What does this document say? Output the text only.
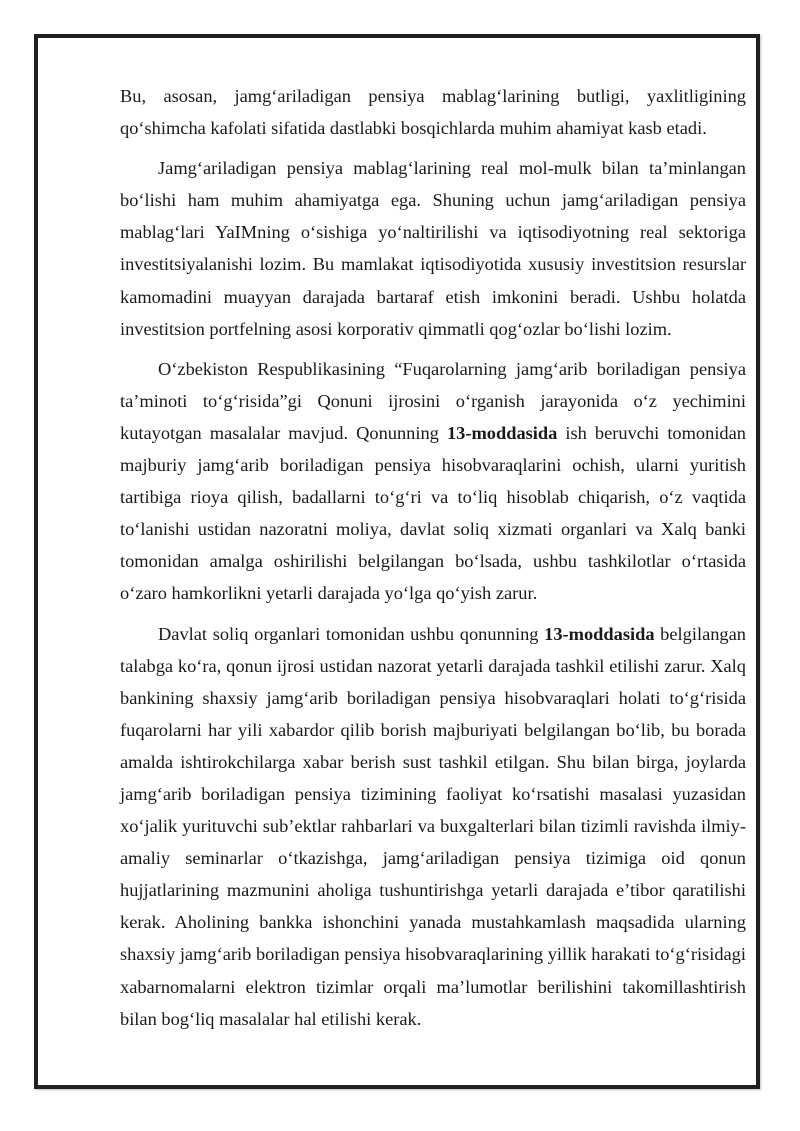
Bu, asosan, jamg‘ariladigan pensiya mablag‘larining butligi, yaxlitligining qo‘shimcha kafolati sifatida dastlabki bosqichlarda muhim ahamiyat kasb etadi.

Jamg‘ariladigan pensiya mablag‘larining real mol-mulk bilan ta’minlangan bo‘lishi ham muhim ahamiyatga ega. Shuning uchun jamg‘ariladigan pensiya mablag‘lari YaIMning o‘sishiga yo‘naltirilishi va iqtisodiyotning real sektoriga investitsiyalanishi lozim. Bu mamlakat iqtisodiyotida xususiy investitsion resurslar kamomadini muayyan darajada bartaraf etish imkonini beradi. Ushbu holatda investitsion portfelning asosi korporativ qimmatli qog‘ozlar bo‘lishi lozim.

O‘zbekiston Respublikasining “Fuqarolarning jamg‘arib boriladigan pensiya ta’minoti to‘g‘risida”gi Qonuni ijrosini o‘rganish jarayonida o‘z yechimini kutayotgan masalalar mavjud. Qonunning 13-moddasida ish beruvchi tomonidan majburiy jamg‘arib boriladigan pensiya hisobvaraqlarini ochish, ularni yuritish tartibiga rioya qilish, badallarni to‘g‘ri va to‘liq hisoblab chiqarish, o‘z vaqtida to‘lanishi ustidan nazoratni moliya, davlat soliq xizmati organlari va Xalq banki tomonidan amalga oshirilishi belgilangan bo‘lsada, ushbu tashkilotlar o‘rtasida o‘zaro hamkorlikni yetarli darajada yo‘lga qo‘yish zarur.

Davlat soliq organlari tomonidan ushbu qonunning 13-moddasida belgilangan talabga ko‘ra, qonun ijrosi ustidan nazorat yetarli darajada tashkil etilishi zarur. Xalq bankining shaxsiy jamg‘arib boriladigan pensiya hisobvaraqlari holati to‘g‘risida fuqarolarni har yili xabardor qilib borish majburiyati belgilangan bo‘lib, bu borada amalda ishtirokchilarga xabar berish sust tashkil etilgan. Shu bilan birga, joylarda jamg‘arib boriladigan pensiya tizimining faoliyat ko‘rsatishi masalasi yuzasidan xo‘jalik yurituvchi sub’ektlar rahbarlari va buxgalterlari bilan tizimli ravishda ilmiy-amaliy seminarlar o‘tkazishga, jamg‘ariladigan pensiya tizimiga oid qonun hujjatlarining mazmunini aholiga tushuntirishga yetarli darajada e’tibor qaratilishi kerak. Aholining bankka ishonchini yanada mustahkamlash maqsadida ularning shaxsiy jamg‘arib boriladigan pensiya hisobvaraqlarining yillik harakati to‘g‘risidagi xabarnomalarni elektron tizimlar orqali ma’lumotlar berilishini takomillashtirish bilan bog‘liq masalalar hal etilishi kerak.
